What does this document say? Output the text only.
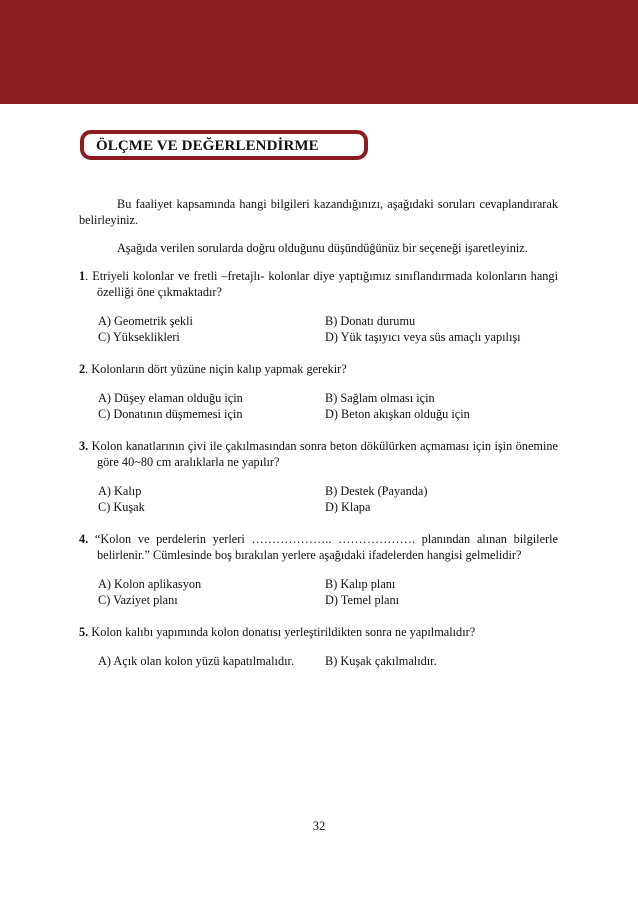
ÖLÇME VE DEĞERLENDİRME

Bu faaliyet kapsamında hangi bilgileri kazandığınızı, aşağıdaki soruları cevaplandırarak belirleyiniz.

Aşağıda verilen sorularda doğru olduğunu düşündüğünüz bir seçeneği işaretleyiniz.

1. Etriyeli kolonlar ve fretli –fretajlı- kolonlar diye yaptığımız sınıflandırmada kolonların hangi özelliği öne çıkmaktadır?
A) Geometrik şekli	B) Donatı durumu
C) Yükseklikleri	D) Yük taşıyıcı veya süs amaçlı yapılışı
2. Kolonların dört yüzüne niçin kalıp yapmak gerekir?
A) Düşey elaman olduğu için	B) Sağlam olması için
C) Donatının düşmemesi için	D) Beton akışkan olduğu için
3. Kolon kanatlarının çivi ile çakılmasından sonra beton dökülürken açmaması için işin önemine göre 40~80 cm aralıklarla ne yapılır?
A) Kalıp	B) Destek (Payanda)
C) Kuşak	D) Klapa
4. “Kolon ve perdelerin yerleri ……………….. ………………. planından alınan bilgilerle belirlenir.” Cümlesinde boş bırakılan yerlere aşağıdaki ifadelerden hangisi gelmelidir?
A) Kolon aplikasyon	B) Kalıp planı
C) Vaziyet planı	D) Temel planı
5. Kolon kalıbı yapımında kolon donatısı yerleştirildikten sonra ne yapılmalıdır?
A) Açık olan kolon yüzü kapatılmalıdır.	B) Kuşak çakılmalıdır.
32
